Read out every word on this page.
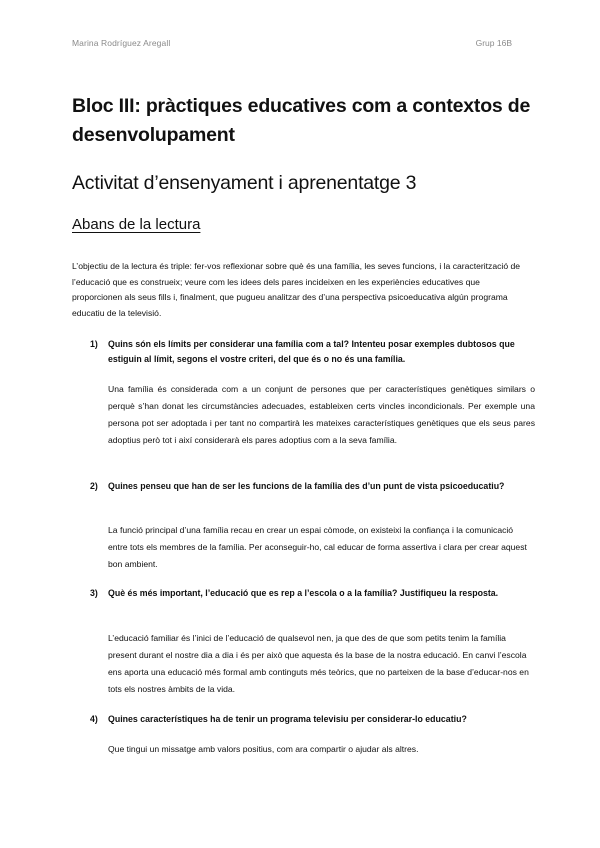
Marina Rodríguez Aregall	Grup 16B
Bloc III: pràctiques educatives com a contextos de desenvolupament
Activitat d’ensenyament i aprenentatge 3
Abans de la lectura
L’objectiu de la lectura és triple: fer-vos reflexionar sobre què és una família, les seves funcions, i la caracterització de l’educació que es construeix; veure com les idees dels pares incideixen en les experiències educatives que proporcionen als seus fills i, finalment, que pugueu analitzar des d’una perspectiva psicoeducativa algún programa educatiu de la televisió.
1) Quins són els límits per considerar una família com a tal? Intenteu posar exemples dubtosos que estiguin al límit, segons el vostre criteri, del que és o no és una família.
Una família és considerada com a un conjunt de persones que per característiques genètiques similars o perquè s’han donat les circumstàncies adecuades, estableixen certs vincles incondicionals. Per exemple una persona pot ser adoptada i per tant no compartirà les mateixes característiques genètiques que els seus pares adoptius però tot i així considerarà els pares adoptius com a la seva família.
2) Quines penseu que han de ser les funcions de la família des d’un punt de vista psicoeducatiu?
La funció principal d’una família recau en crear un espai còmode, on existeixi la confiança i la comunicació entre tots els membres de la família. Per aconseguir-ho, cal educar de forma assertiva i clara per crear aquest bon ambient.
3) Què és més important, l’educació que es rep a l’escola o a la família? Justifiqueu la resposta.
L’educació familiar és l’inici de l’educació de qualsevol nen, ja que des de que som petits tenim la família present durant el nostre dia a dia i és per això que aquesta és la base de la nostra educació. En canvi l’escola ens aporta una educació més formal amb continguts més teòrics, que no parteixen de la base d’educar-nos en tots els nostres àmbits de la vida.
4) Quines característiques ha de tenir un programa televisiu per considerar-lo educatiu?
Que tingui un missatge amb valors positius, com ara compartir o ajudar als altres.
